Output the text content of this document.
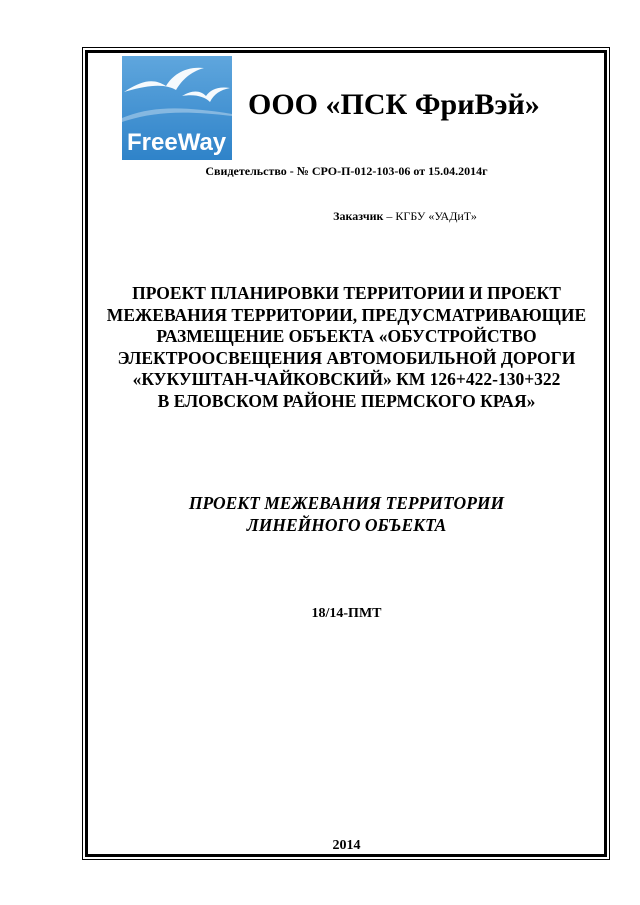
FreeWay
ООО «ПСК ФриВэй»
Свидетельство - № СРО-П-012-103-06 от 15.04.2014г
Заказчик – КГБУ «УАДиТ»
ПРОЕКТ ПЛАНИРОВКИ ТЕРРИТОРИИ И ПРОЕКТ
МЕЖЕВАНИЯ ТЕРРИТОРИИ, ПРЕДУСМАТРИВАЮЩИЕ
РАЗМЕЩЕНИЕ ОБЪЕКТА «ОБУСТРОЙСТВО
ЭЛЕКТРООСВЕЩЕНИЯ АВТОМОБИЛЬНОЙ ДОРОГИ
«КУКУШТАН-ЧАЙКОВСКИЙ» КМ 126+422-130+322
В ЕЛОВСКОМ РАЙОНЕ ПЕРМСКОГО КРАЯ»
ПРОЕКТ МЕЖЕВАНИЯ ТЕРРИТОРИИ
ЛИНЕЙНОГО ОБЪЕКТА
18/14-ПМТ
2014
